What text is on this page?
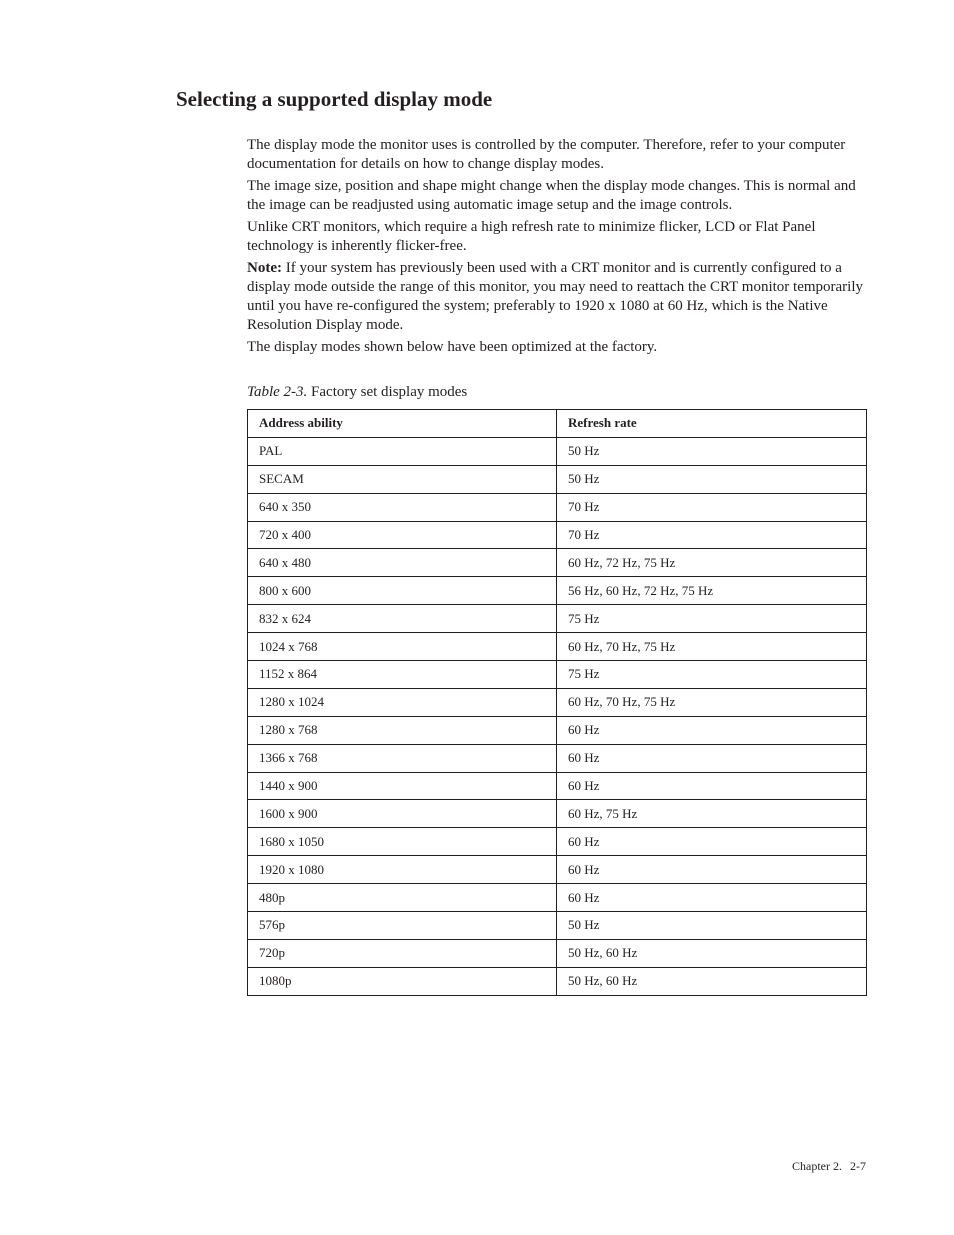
Selecting a supported display mode

The display mode the monitor uses is controlled by the computer. Therefore, refer to your computer documentation for details on how to change display modes.

The image size, position and shape might change when the display mode changes. This is normal and the image can be readjusted using automatic image setup and the image controls.

Unlike CRT monitors, which require a high refresh rate to minimize flicker, LCD or Flat Panel technology is inherently flicker-free.

Note: If your system has previously been used with a CRT monitor and is currently configured to a display mode outside the range of this monitor, you may need to reattach the CRT monitor temporarily until you have re-configured the system; preferably to 1920 x 1080 at 60 Hz, which is the Native Resolution Display mode.

The display modes shown below have been optimized at the factory.

Table 2-3. Factory set display modes
Address ability	Refresh rate
PAL	50 Hz
SECAM	50 Hz
640 x 350	70 Hz
720 x 400	70 Hz
640 x 480	60 Hz, 72 Hz, 75 Hz
800 x 600	56 Hz, 60 Hz, 72 Hz, 75 Hz
832 x 624	75 Hz
1024 x 768	60 Hz, 70 Hz, 75 Hz
1152 x 864	75 Hz
1280 x 1024	60 Hz, 70 Hz, 75 Hz
1280 x 768	60 Hz
1366 x 768	60 Hz
1440 x 900	60 Hz
1600 x 900	60 Hz, 75 Hz
1680 x 1050	60 Hz
1920 x 1080	60 Hz
480p	60 Hz
576p	50 Hz
720p	50 Hz, 60 Hz
1080p	50 Hz, 60 Hz
Chapter 2. 2-7
